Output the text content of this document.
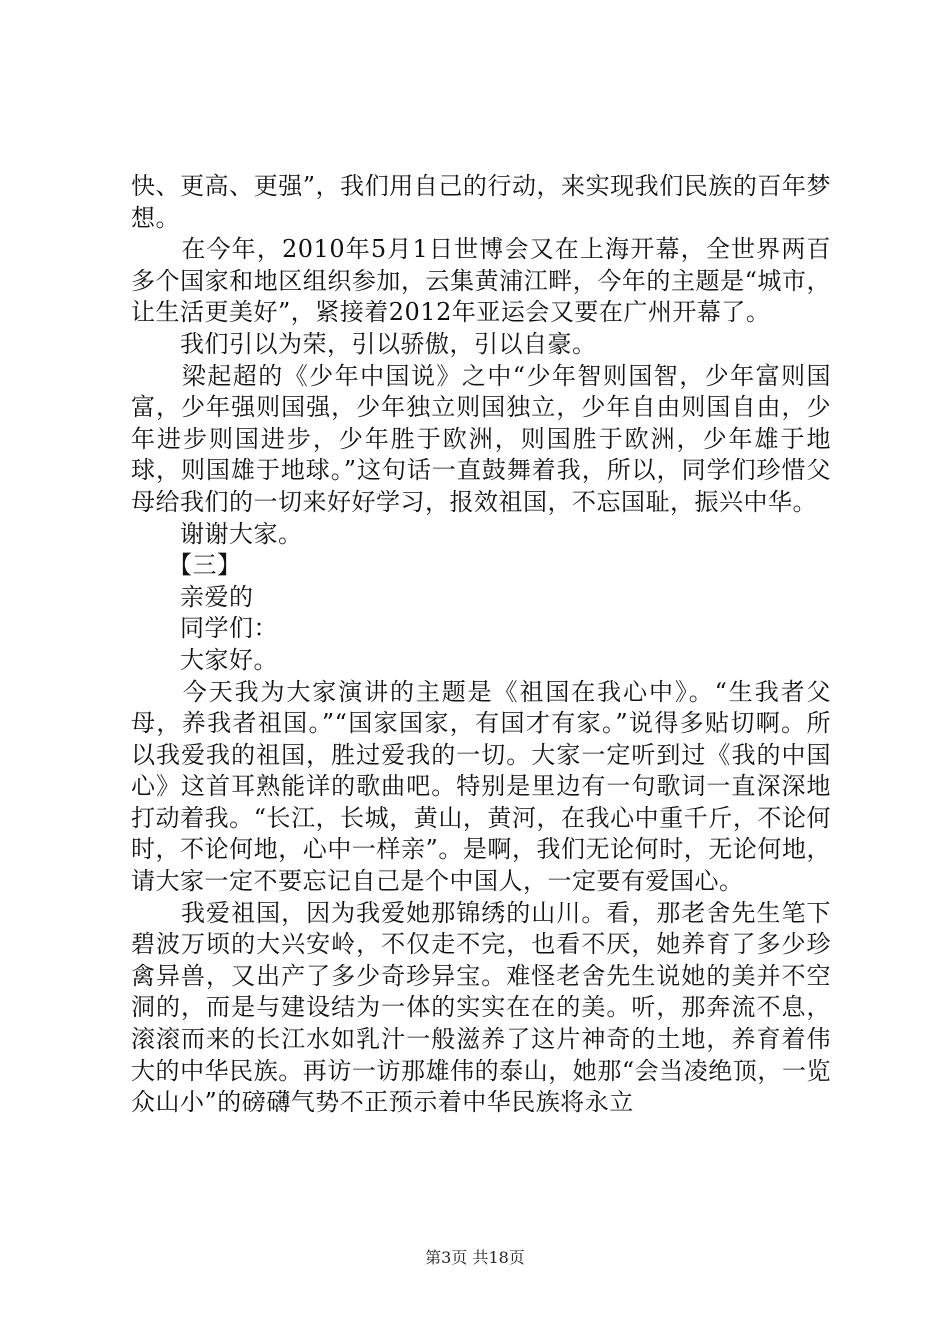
快、更高、更强”，我们用自己的行动，来实现我们民族的百年梦想。

　　在今年，2010年5月1日世博会又在上海开幕，全世界两百多个国家和地区组织参加，云集黄浦江畔，今年的主题是“城市，让生活更美好”，紧接着2012年亚运会又要在广州开幕了。

　　我们引以为荣，引以骄傲，引以自豪。

　　梁起超的《少年中国说》之中“少年智则国智，少年富则国富，少年强则国强，少年独立则国独立，少年自由则国自由，少年进步则国进步，少年胜于欧洲，则国胜于欧洲，少年雄于地球，则国雄于地球。”这句话一直鼓舞着我，所以，同学们珍惜父母给我们的一切来好好学习，报效祖国，不忘国耻，振兴中华。

　　谢谢大家。

　　【三】

　　亲爱的

　　同学们：

　　大家好。

　　今天我为大家演讲的主题是《祖国在我心中》。“生我者父母，养我者祖国。”“国家国家，有国才有家。”说得多贴切啊。所以我爱我的祖国，胜过爱我的一切。大家一定听到过《我的中国心》这首耳熟能详的歌曲吧。特别是里边有一句歌词一直深深地打动着我。“长江，长城，黄山，黄河，在我心中重千斤，不论何时，不论何地，心中一样亲”。是啊，我们无论何时，无论何地，请大家一定不要忘记自己是个中国人，一定要有爱国心。

　　我爱祖国，因为我爱她那锦绣的山川。看，那老舍先生笔下碧波万顷的大兴安岭，不仅走不完，也看不厌，她养育了多少珍禽异兽，又出产了多少奇珍异宝。难怪老舍先生说她的美并不空洞的，而是与建设结为一体的实实在在的美。听，那奔流不息，滚滚而来的长江水如乳汁一般滋养了这片神奇的土地，养育着伟大的中华民族。再访一访那雄伟的泰山，她那“会当凌绝顶，一览众山小”的磅礴气势不正预示着中华民族将永立

第3页 共18页
